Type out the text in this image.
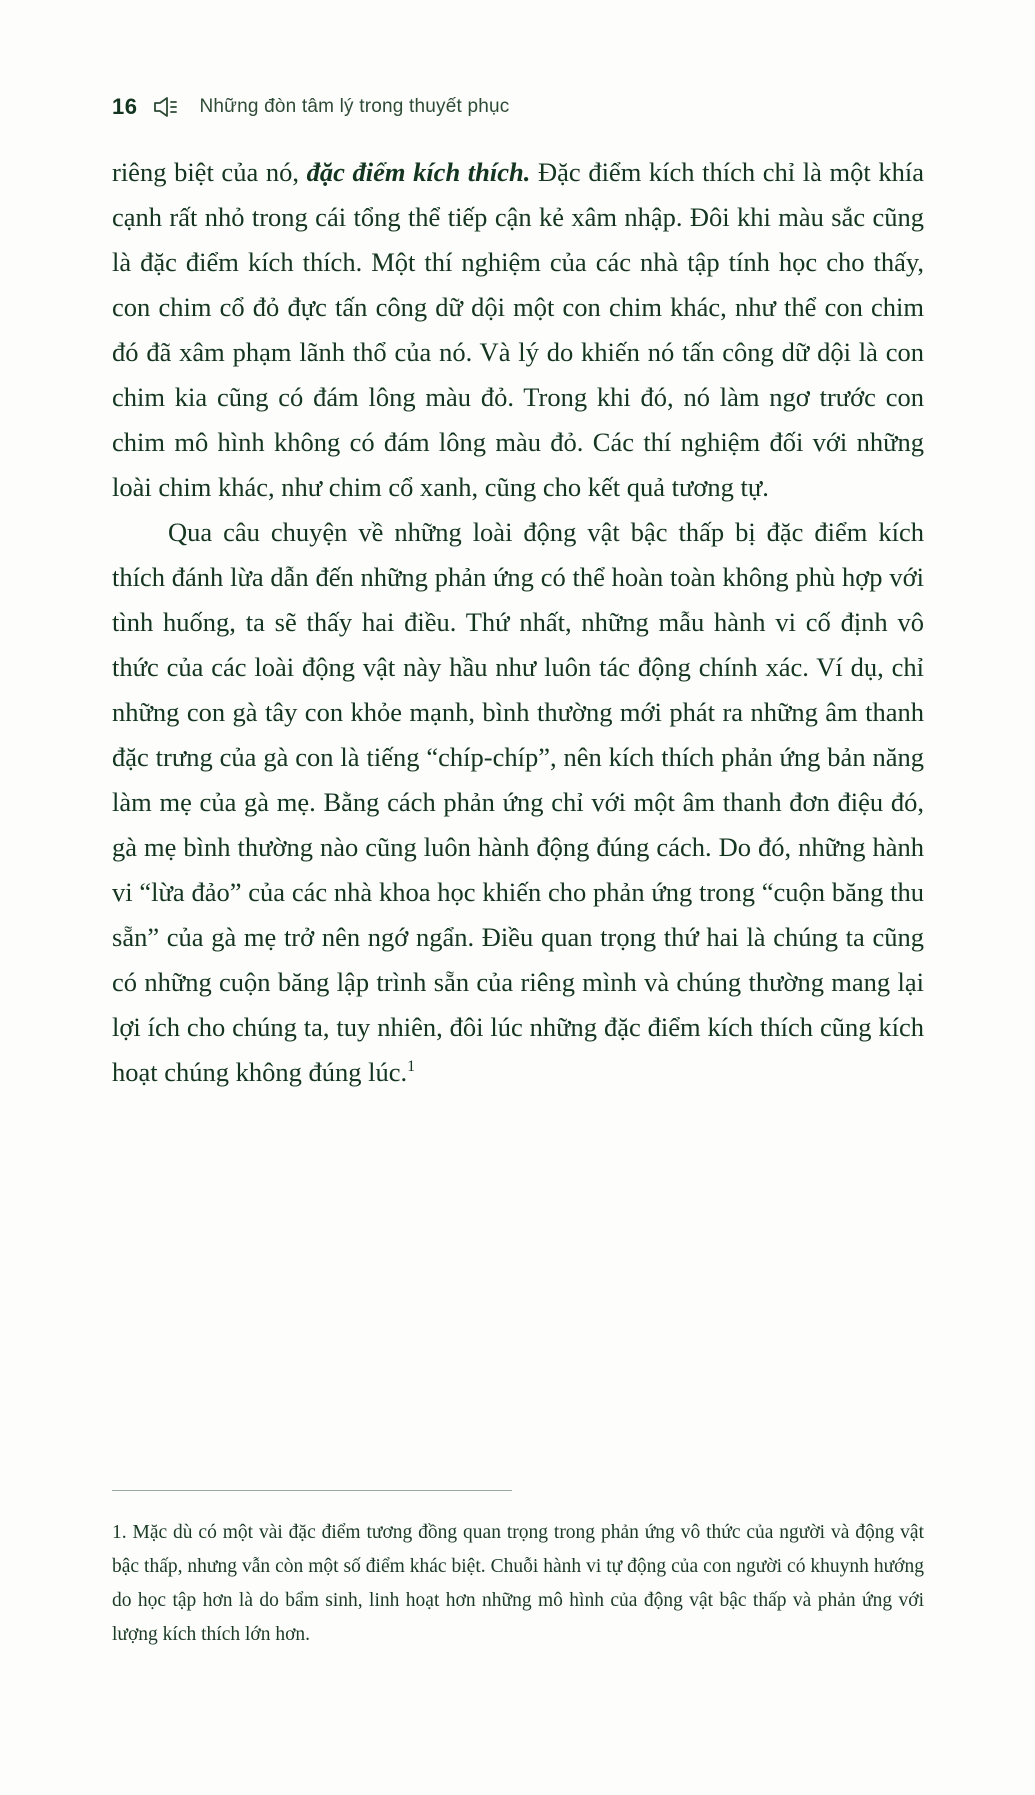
16	Những đòn tâm lý trong thuyết phục

riêng biệt của nó, đặc điểm kích thích. Đặc điểm kích thích chỉ là một khía cạnh rất nhỏ trong cái tổng thể tiếp cận kẻ xâm nhập. Đôi khi màu sắc cũng là đặc điểm kích thích. Một thí nghiệm của các nhà tập tính học cho thấy, con chim cổ đỏ đực tấn công dữ dội một con chim khác, như thể con chim đó đã xâm phạm lãnh thổ của nó. Và lý do khiến nó tấn công dữ dội là con chim kia cũng có đám lông màu đỏ. Trong khi đó, nó làm ngơ trước con chim mô hình không có đám lông màu đỏ. Các thí nghiệm đối với những loài chim khác, như chim cổ xanh, cũng cho kết quả tương tự.

Qua câu chuyện về những loài động vật bậc thấp bị đặc điểm kích thích đánh lừa dẫn đến những phản ứng có thể hoàn toàn không phù hợp với tình huống, ta sẽ thấy hai điều. Thứ nhất, những mẫu hành vi cố định vô thức của các loài động vật này hầu như luôn tác động chính xác. Ví dụ, chỉ những con gà tây con khỏe mạnh, bình thường mới phát ra những âm thanh đặc trưng của gà con là tiếng “chíp-chíp”, nên kích thích phản ứng bản năng làm mẹ của gà mẹ. Bằng cách phản ứng chỉ với một âm thanh đơn điệu đó, gà mẹ bình thường nào cũng luôn hành động đúng cách. Do đó, những hành vi “lừa đảo” của các nhà khoa học khiến cho phản ứng trong “cuộn băng thu sẵn” của gà mẹ trở nên ngớ ngẩn. Điều quan trọng thứ hai là chúng ta cũng có những cuộn băng lập trình sẵn của riêng mình và chúng thường mang lại lợi ích cho chúng ta, tuy nhiên, đôi lúc những đặc điểm kích thích cũng kích hoạt chúng không đúng lúc.$^1$

1. Mặc dù có một vài đặc điểm tương đồng quan trọng trong phản ứng vô thức của người và động vật bậc thấp, nhưng vẫn còn một số điểm khác biệt. Chuỗi hành vi tự động của con người có khuynh hướng do học tập hơn là do bẩm sinh, linh hoạt hơn những mô hình của động vật bậc thấp và phản ứng với lượng kích thích lớn hơn.
